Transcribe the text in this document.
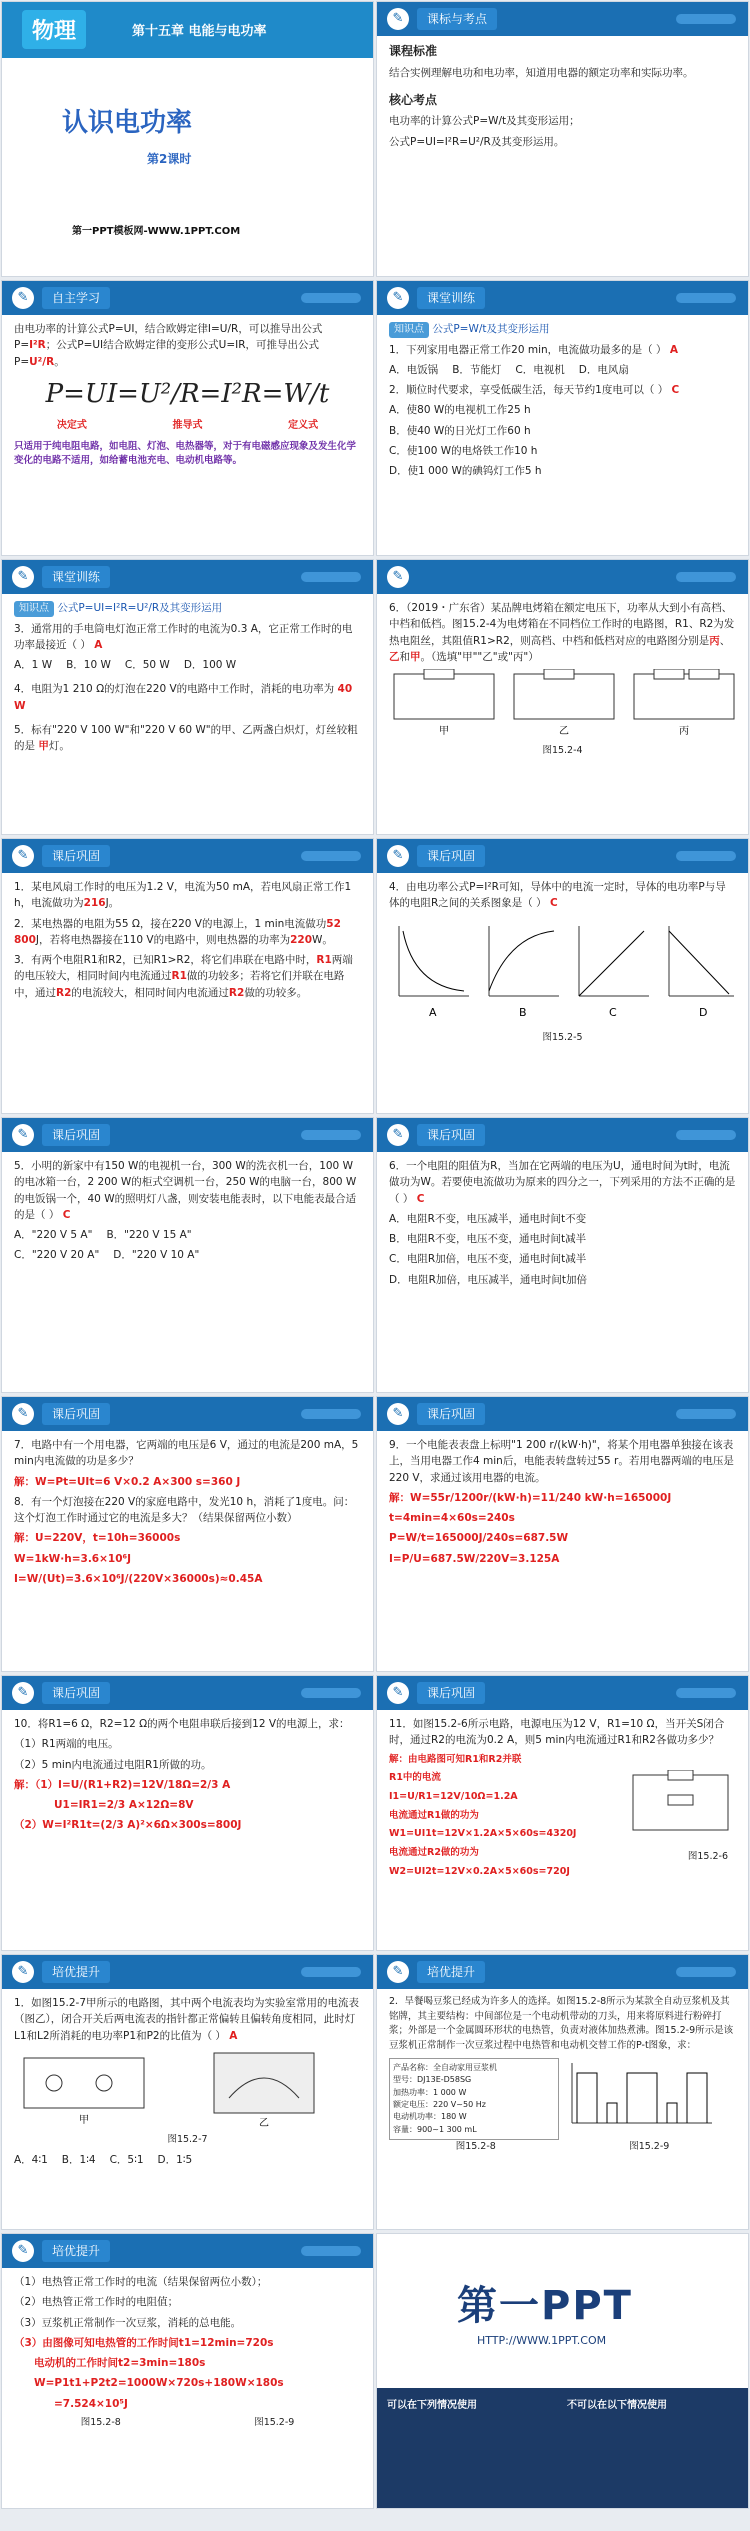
物理	第十五章 电能与电功率
认识电功率
第2课时
第一PPT模板网-WWW.1PPT.COM
✎	课标与考点

课程标准

结合实例理解电功和电功率，知道用电器的额定功率和实际功率。

核心考点

电功率的计算公式P=W/t及其变形运用；

公式P=UI=I²R=U²/R及其变形运用。

✎	自主学习

由电功率的计算公式P=UI，结合欧姆定律I=U/R，可以推导出公式P=I²R；公式P=UI结合欧姆定律的变形公式U=IR，可推导出公式P=U²/R。

P=UI=U²/R=I²R=W/t
决定式	推导式	定义式

只适用于纯电阻电路，如电阻、灯泡、电热器等，对于有电磁感应现象及发生化学变化的电路不适用，如给蓄电池充电、电动机电路等。

✎	课堂训练

知识点 公式P=W/t及其变形运用

1．下列家用电器正常工作20 min，电流做功最多的是（ ） A

A．电饭锅 B．节能灯 C．电视机 D．电风扇

2．顺位时代要求，享受低碳生活，每天节约1度电可以（ ） C

A．使80 W的电视机工作25 h

B．使40 W的日光灯工作60 h

C．使100 W的电烙铁工作10 h

D．使1 000 W的碘钨灯工作5 h

✎	课堂训练

知识点 公式P=UI=I²R=U²/R及其变形运用

3．通常用的手电筒电灯泡正常工作时的电流为0.3 A，它正常工作时的电功率最接近（ ） A

A．1 W B．10 W C．50 W D．100 W

4．电阻为1 210 Ω的灯泡在220 V的电路中工作时，消耗的电功率为 40 W

5．标有"220 V 100 W"和"220 V 60 W"的甲、乙两盏白炽灯，灯丝较粗的是 甲灯。

✎

6．（2019・广东省）某品牌电烤箱在额定电压下，功率从大到小有高档、中档和低档。图15.2-4为电烤箱在不同档位工作时的电路图，R1、R2为发热电阻丝，其阻值R1>R2，则高档、中档和低档对应的电路图分别是丙、乙和甲。（选填"甲""乙"或"丙"）

甲	乙	丙

图15.2-4

✎	课后巩固

1．某电风扇工作时的电压为1.2 V，电流为50 mA，若电风扇正常工作1 h，电流做功为216J。

2．某电热器的电阻为55 Ω，接在220 V的电源上，1 min电流做功52 800J，若将电热器接在110 V的电路中，则电热器的功率为220W。

3．有两个电阻R1和R2，已知R1>R2，将它们串联在电路中时，R1两端的电压较大，相同时间内电流通过R1做的功较多；若将它们并联在电路中，通过R2的电流较大，相同时间内电流通过R2做的功较多。

✎	课后巩固

4．由电功率公式P=I²R可知，导体中的电流一定时，导体的电功率P与导体的电阻R之间的关系图象是（ ） C

A	B	C	D

图15.2-5

✎	课后巩固

5．小明的新家中有150 W的电视机一台，300 W的洗衣机一台，100 W的电冰箱一台，2 200 W的柜式空调机一台，250 W的电脑一台，800 W的电饭锅一个，40 W的照明灯八盏，则安装电能表时，以下电能表最合适的是（ ） C

A．"220 V 5 A" B．"220 V 15 A"

C．"220 V 20 A" D．"220 V 10 A"

✎	课后巩固

6．一个电阻的阻值为R，当加在它两端的电压为U，通电时间为t时，电流做功为W。若要使电流做功为原来的四分之一，下列采用的方法不正确的是（ ） C

A．电阻R不变，电压减半，通电时间t不变

B．电阻R不变，电压不变，通电时间t减半

C．电阻R加倍，电压不变，通电时间t减半

D．电阻R加倍，电压减半，通电时间t加倍

✎	课后巩固

7．电路中有一个用电器，它两端的电压是6 V，通过的电流是200 mA，5 min内电流做的功是多少？

解：W=Pt=UIt=6 V×0.2 A×300 s=360 J

8．有一个灯泡接在220 V的家庭电路中，发光10 h，消耗了1度电。问：这个灯泡工作时通过它的电流是多大？（结果保留两位小数）

解：U=220V，t=10h=36000s

W=1kW·h=3.6×10⁶J

I=W/(Ut)=3.6×10⁶J/(220V×36000s)≈0.45A

✎	课后巩固

9．一个电能表表盘上标明"1 200 r/(kW·h)"，将某个用电器单独接在该表上，当用电器工作4 min后，电能表转盘转过55 r。若用电器两端的电压是220 V，求通过该用电器的电流。

解：W=55r/1200r/(kW·h)=11/240 kW·h=165000J

t=4min=4×60s=240s

P=W/t=165000J/240s=687.5W

I=P/U=687.5W/220V=3.125A

✎	课后巩固

10．将R1=6 Ω，R2=12 Ω的两个电阻串联后接到12 V的电源上，求：

（1）R1两端的电压。

（2）5 min内电流通过电阻R1所做的功。

解：（1）I=U/(R1+R2)=12V/18Ω=2/3 A

U1=IR1=2/3 A×12Ω=8V

（2）W=I²R1t=(2/3 A)²×6Ω×300s=800J

✎	课后巩固

11．如图15.2-6所示电路，电源电压为12 V，R1=10 Ω，当开关S闭合时，通过R2的电流为0.2 A，则5 min内电流通过R1和R2各做功多少？

解：由电路图可知R1和R2并联

R1中的电流

I1=U/R1=12V/10Ω=1.2A

电流通过R1做的功为

W1=UI1t=12V×1.2A×5×60s=4320J

电流通过R2做的功为

W2=UI2t=12V×0.2A×5×60s=720J

图15.2-6

✎	培优提升

1．如图15.2-7甲所示的电路图，其中两个电流表均为实验室常用的电流表（图乙），闭合开关后两电流表的指针都正常偏转且偏转角度相同，此时灯L1和L2所消耗的电功率P1和P2的比值为（ ） A

甲	乙

图15.2-7

A．4∶1 B．1∶4 C．5∶1 D．1∶5

✎	培优提升

2．旱餐喝豆浆已经成为许多人的选择。如图15.2-8所示为某款全自动豆浆机及其铭牌，其主要结构：中间部位是一个电动机带动的刀头，用来将原料进行粉碎打浆；外部是一个金属圆环形状的电热管，负责对液体加热煮沸。图15.2-9所示是该豆浆机正常制作一次豆浆过程中电热管和电动机交替工作的P-t图象，求：

产品名称：全自动家用豆浆机
型号：DJ13E-D58SG
加热功率：1 000 W
额定电压：220 V~50 Hz
电动机功率：180 W
容量：900~1 300 mL
图15.2-8	图15.2-9
✎	培优提升

（1）电热管正常工作时的电流（结果保留两位小数）；

（2）电热管正常工作时的电阻值；

（3）豆浆机正常制作一次豆浆，消耗的总电能。

（3）由图像可知电热管的工作时间t1=12min=720s

电动机的工作时间t2=3min=180s

W=P1t1+P2t2=1000W×720s+180W×180s

=7.524×10⁵J

图15.2-8	图15.2-9
第一PPT
HTTP://WWW.1PPT.COM
可以在下列情况使用	不可以在以下情况使用
